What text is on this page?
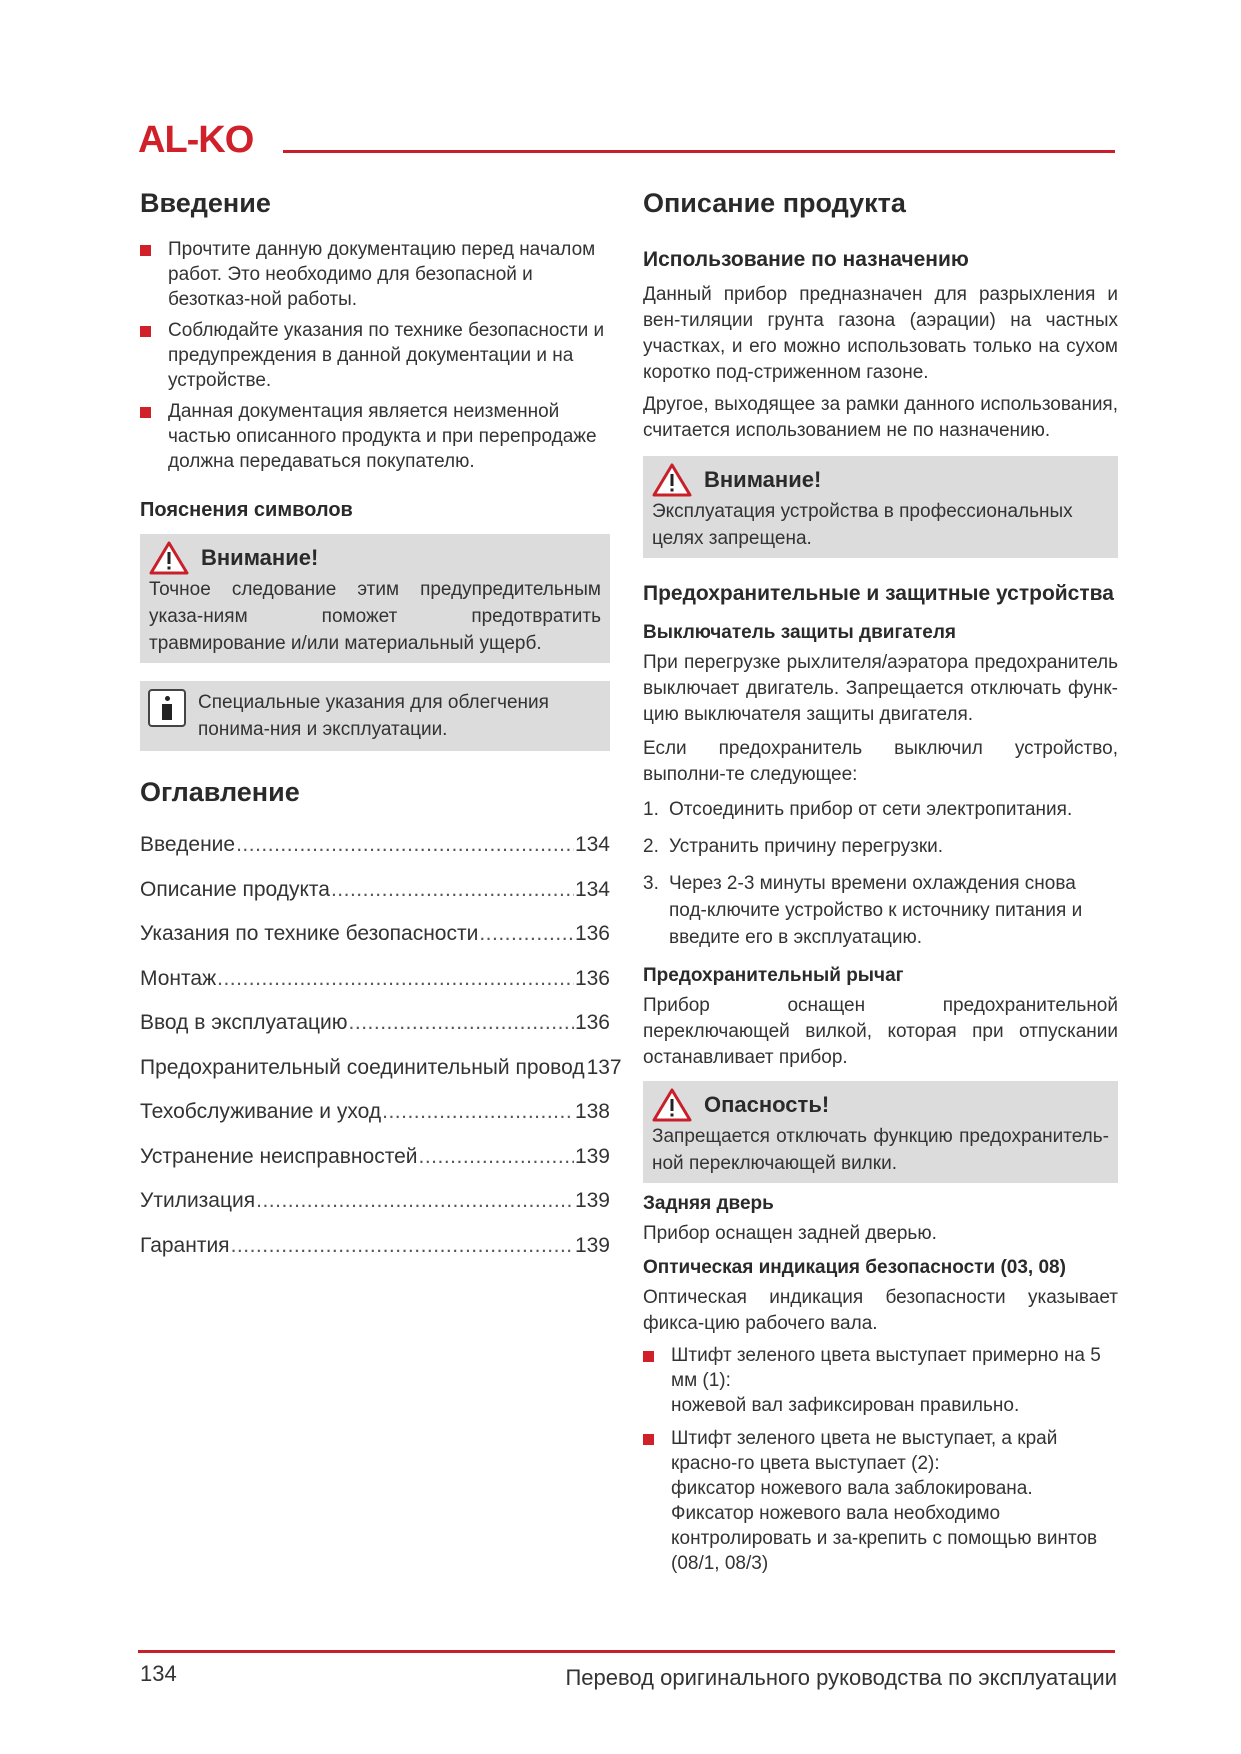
AL-KO
Введение
Прочтите данную документацию перед началом работ. Это необходимо для безопасной и безотказ-ной работы.
Соблюдайте указания по технике безопасности и предупреждения в данной документации и на устройстве.
Данная документация является неизменной частью описанного продукта и при перепродаже должна передаваться покупателю.
Пояснения символов
Внимание!
Точное следование этим предупредительным указа-ниям поможет предотвратить травмирование и/или материальный ущерб.
Специальные указания для облегчения понима-ния и эксплуатации.
Оглавление
Введение .....	134
Описание продукта .....	134
Указания по технике безопасности .....	136
Монтаж .....	136
Ввод в эксплуатацию .....	136
Предохранительный соединительный провод 137
Техобслуживание и уход .....	138
Устранение неисправностей .....	139
Утилизация .....	139
Гарантия .....	139
Описание продукта
Использование по назначению

Данный прибор предназначен для разрыхления и вен-тиляции грунта газона (аэрации) на частных участках, и его можно использовать только на сухом коротко под-стриженном газоне.

Другое, выходящее за рамки данного использования, считается использованием не по назначению.

Внимание!
Эксплуатация устройства в профессиональных целях запрещена.
Предохранительные и защитные устройства
Выключатель защиты двигателя

При перегрузке рыхлителя/аэратора предохранитель выключает двигатель. Запрещается отключать функ-цию выключателя защиты двигателя.

Если предохранитель выключил устройство, выполни-те следующее:

1. Отсоединить прибор от сети электропитания.
2. Устранить причину перегрузки.
3. Через 2-3 минуты времени охлаждения снова под-ключите устройство к источнику питания и введите его в эксплуатацию.
Предохранительный рычаг

Прибор оснащен предохранительной переключающей вилкой, которая при отпускании останавливает прибор.

Опасность!
Запрещается отключать функцию предохранитель-ной переключающей вилки.
Задняя дверь

Прибор оснащен задней дверью.

Оптическая индикация безопасности (03, 08)

Оптическая индикация безопасности указывает фикса-цию рабочего вала.

Штифт зеленого цвета выступает примерно на 5 мм (1):
ножевой вал зафиксирован правильно.
Штифт зеленого цвета не выступает, а край красно-го цвета выступает (2):
фиксатор ножевого вала заблокирована. Фиксатор ножевого вала необходимо контролировать и за-крепить с помощью винтов (08/1, 08/3)
134	Перевод оригинального руководства по эксплуатации
